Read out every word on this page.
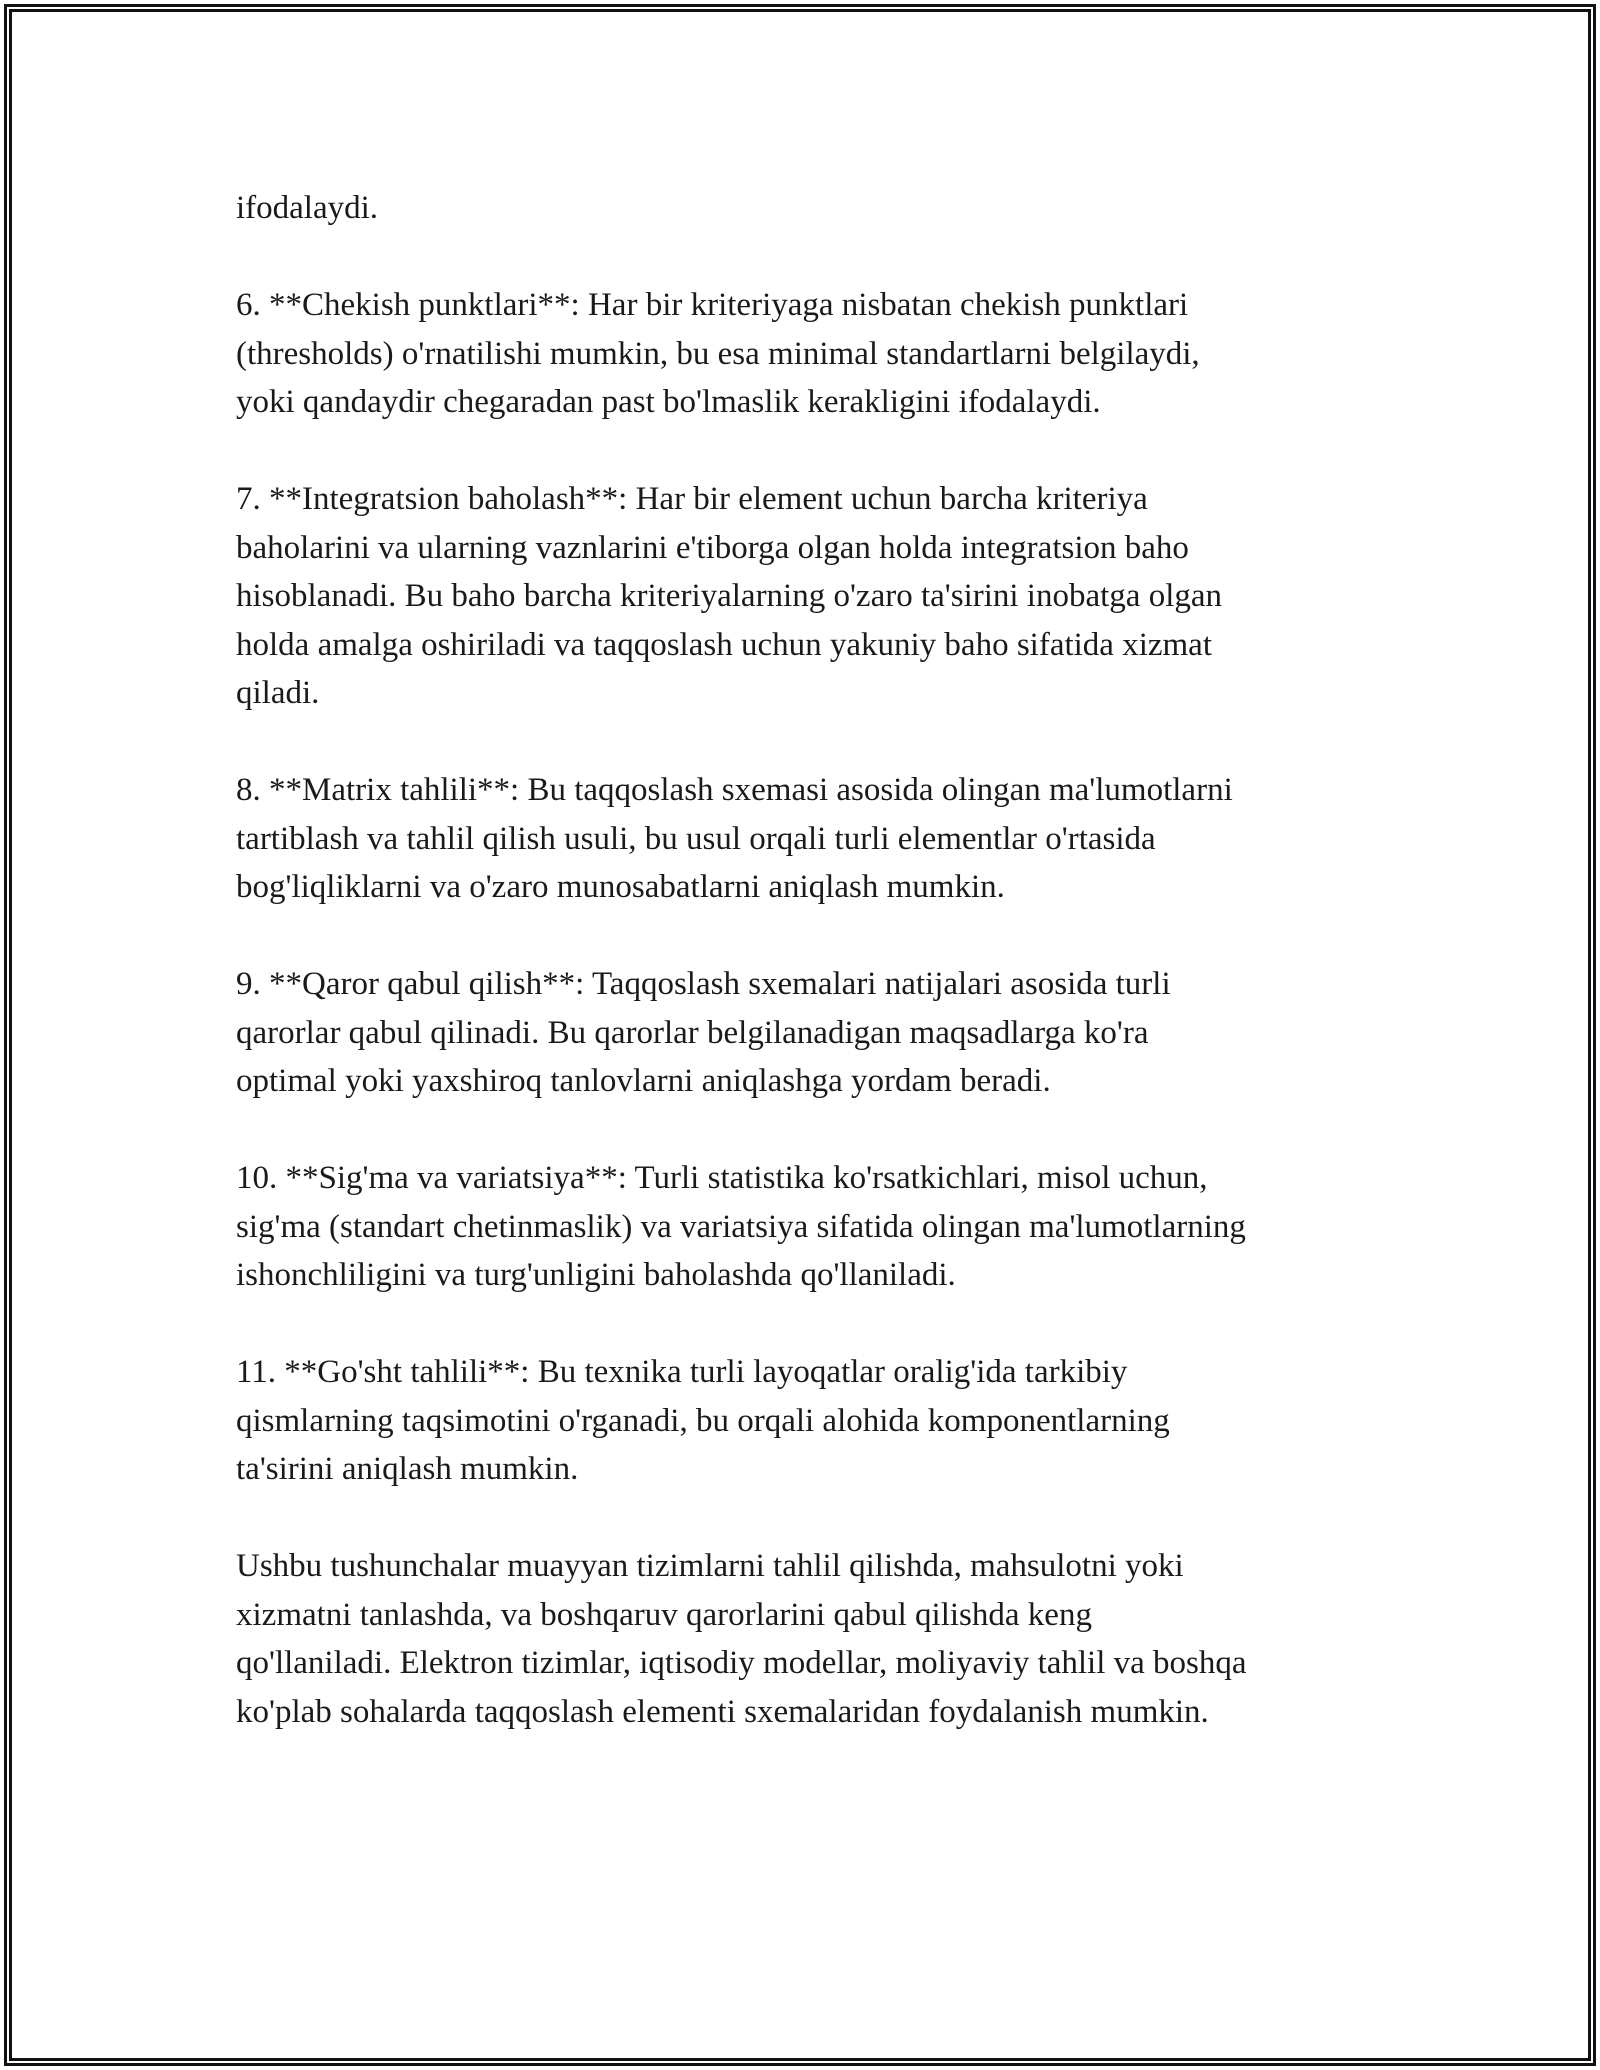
ifodalaydi.

6. **Chekish punktlari**: Har bir kriteriyaga nisbatan chekish punktlari
(thresholds) o'rnatilishi mumkin, bu esa minimal standartlarni belgilaydi,
yoki qandaydir chegaradan past bo'lmaslik kerakligini ifodalaydi.

7. **Integratsion baholash**: Har bir element uchun barcha kriteriya
baholarini va ularning vaznlarini e'tiborga olgan holda integratsion baho
hisoblanadi. Bu baho barcha kriteriyalarning o'zaro ta'sirini inobatga olgan
holda amalga oshiriladi va taqqoslash uchun yakuniy baho sifatida xizmat
qiladi.

8. **Matrix tahlili**: Bu taqqoslash sxemasi asosida olingan ma'lumotlarni
tartiblash va tahlil qilish usuli, bu usul orqali turli elementlar o'rtasida
bog'liqliklarni va o'zaro munosabatlarni aniqlash mumkin.

9. **Qaror qabul qilish**: Taqqoslash sxemalari natijalari asosida turli
qarorlar qabul qilinadi. Bu qarorlar belgilanadigan maqsadlarga ko'ra
optimal yoki yaxshiroq tanlovlarni aniqlashga yordam beradi.

10. **Sig'ma va variatsiya**: Turli statistika ko'rsatkichlari, misol uchun,
sig'ma (standart chetinmaslik) va variatsiya sifatida olingan ma'lumotlarning
ishonchliligini va turg'unligini baholashda qo'llaniladi.

11. **Go'sht tahlili**: Bu texnika turli layoqatlar oralig'ida tarkibiy
qismlarning taqsimotini o'rganadi, bu orqali alohida komponentlarning
ta'sirini aniqlash mumkin.

Ushbu tushunchalar muayyan tizimlarni tahlil qilishda, mahsulotni yoki
xizmatni tanlashda, va boshqaruv qarorlarini qabul qilishda keng
qo'llaniladi. Elektron tizimlar, iqtisodiy modellar, moliyaviy tahlil va boshqa
ko'plab sohalarda taqqoslash elementi sxemalaridan foydalanish mumkin.
